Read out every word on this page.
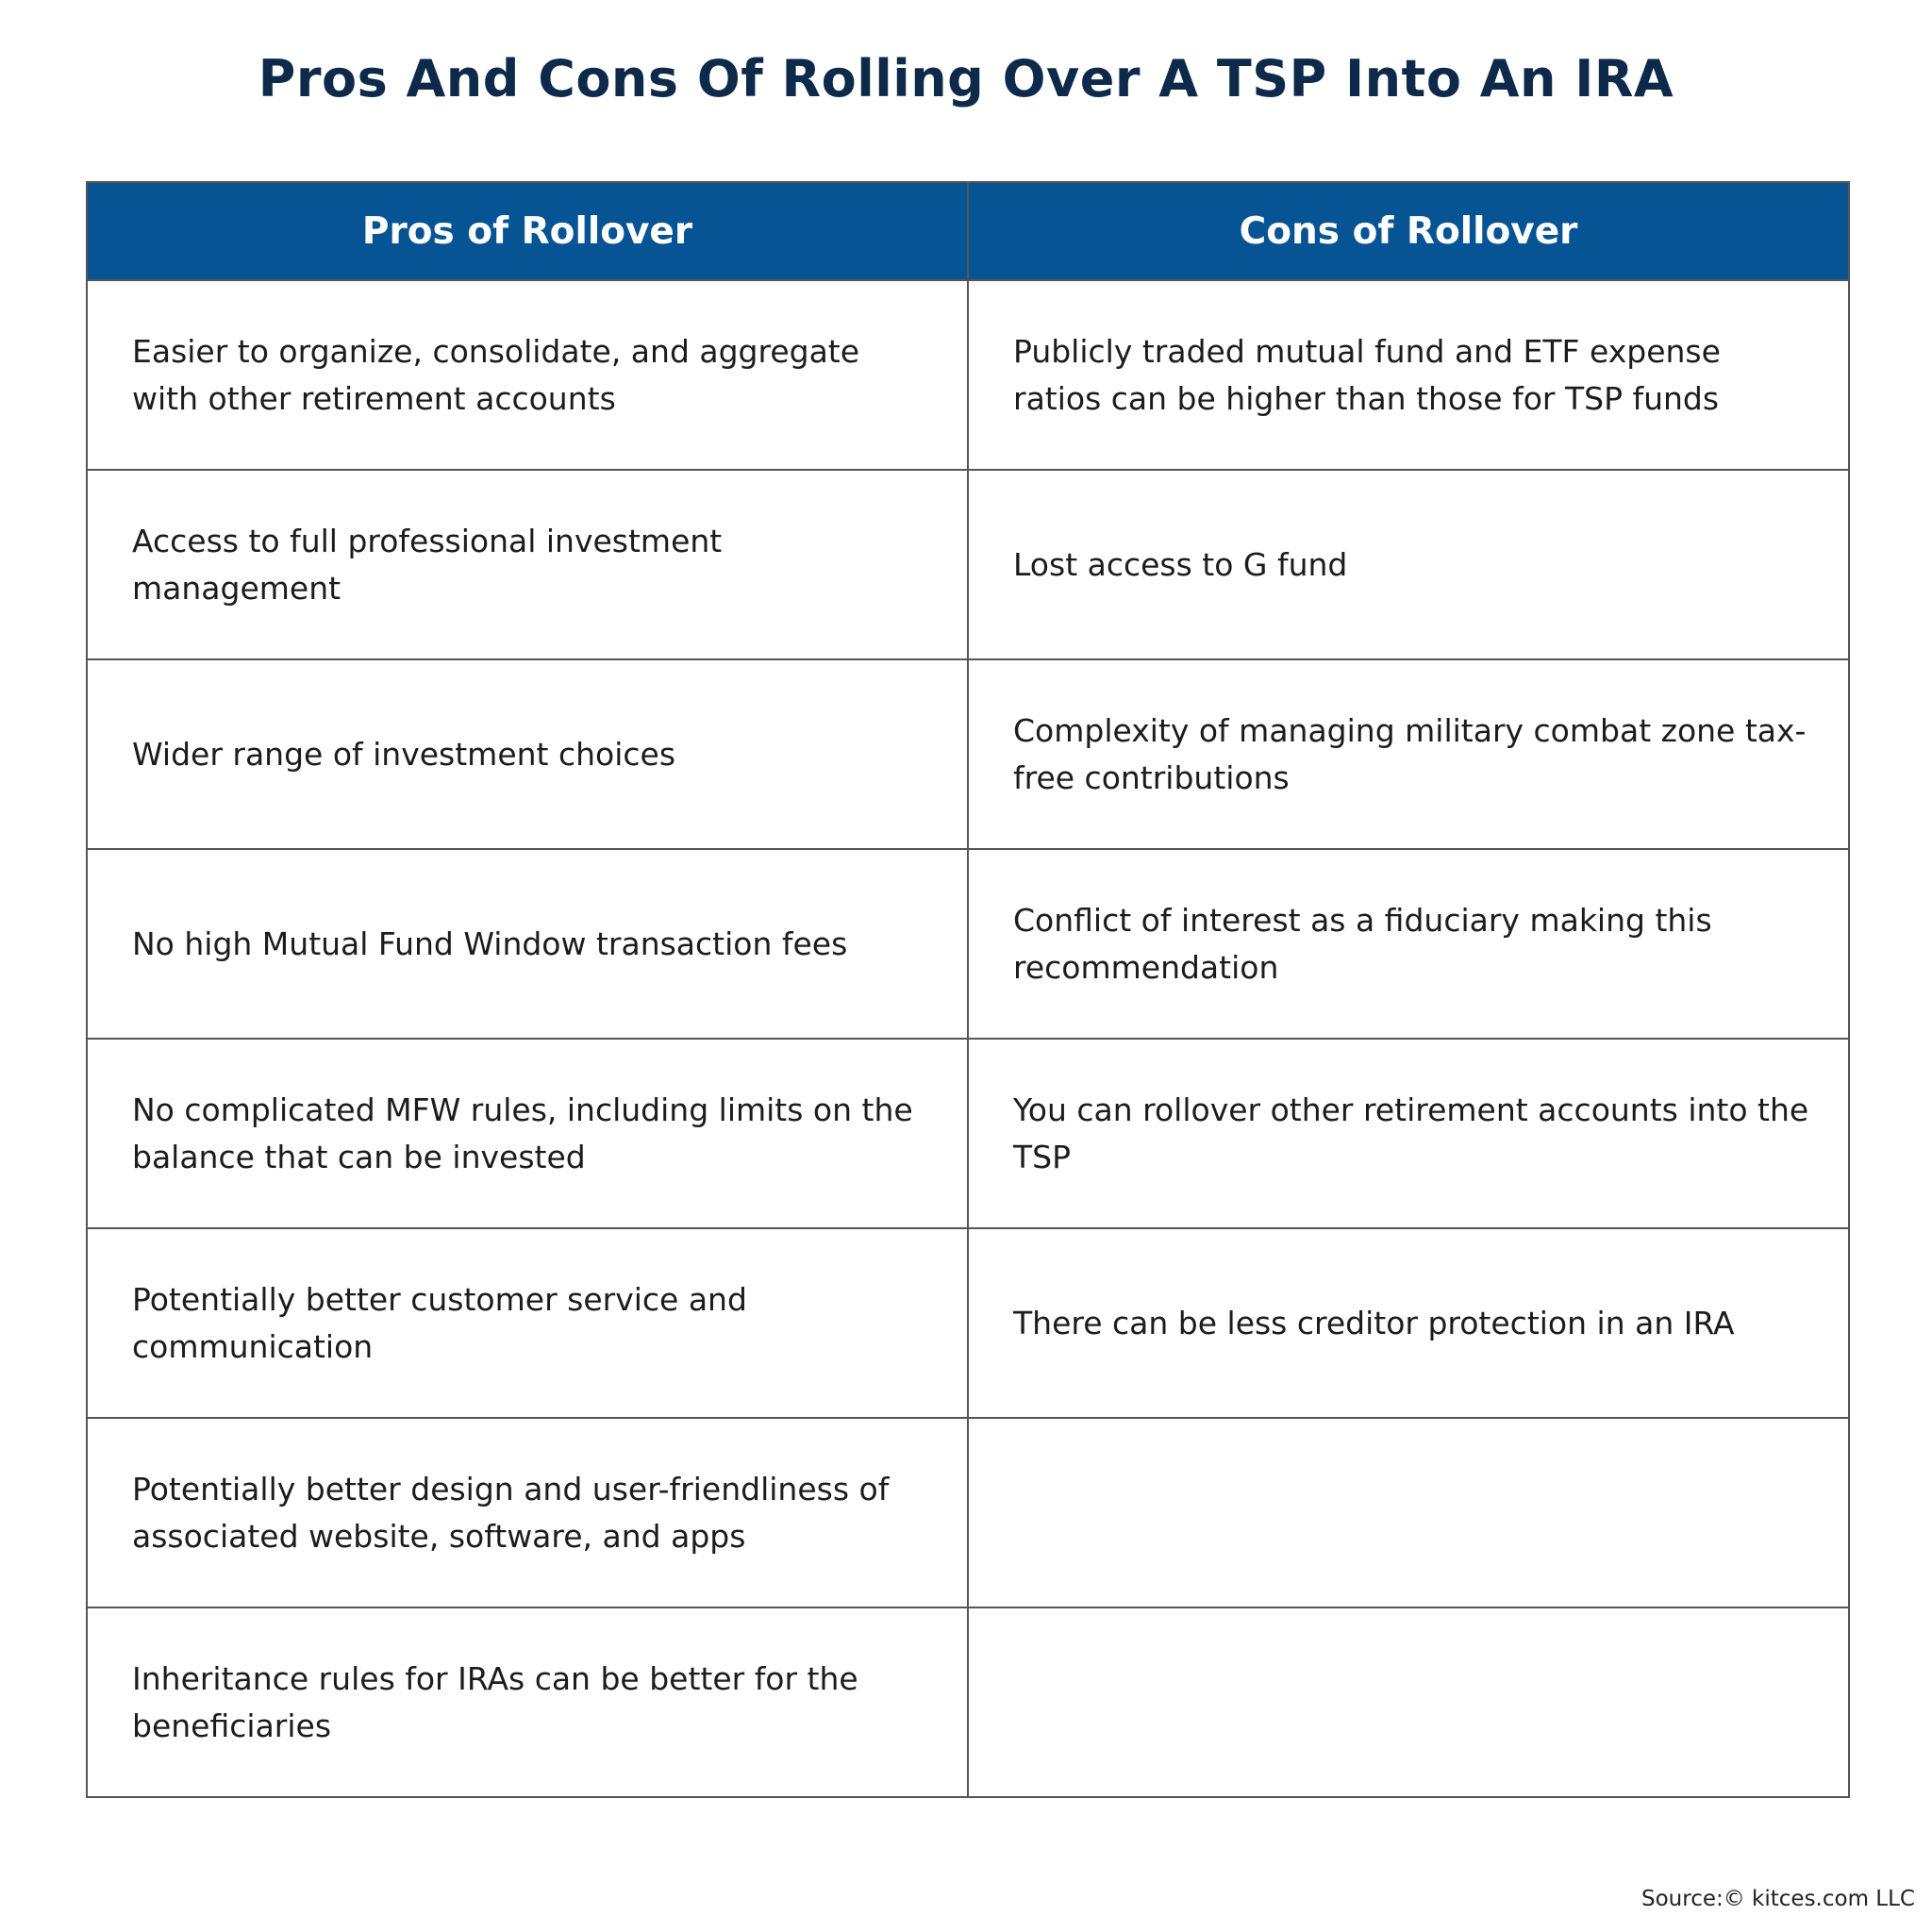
Pros And Cons Of Rolling Over A TSP Into An IRA
Pros of Rollover	Cons of Rollover
Easier to organize, consolidate, and aggregate with other retirement accounts	Publicly traded mutual fund and ETF expense ratios can be higher than those for TSP funds
Access to full professional investment management	Lost access to G fund
Wider range of investment choices	Complexity of managing military combat zone tax-free contributions
No high Mutual Fund Window transaction fees	Conflict of interest as a fiduciary making this recommendation
No complicated MFW rules, including limits on the balance that can be invested	You can rollover other retirement accounts into the TSP
Potentially better customer service and communication	There can be less creditor protection in an IRA
Potentially better design and user-friendliness of associated website, software, and apps	
Inheritance rules for IRAs can be better for the beneficiaries	
Source:© kitces.com LLC
